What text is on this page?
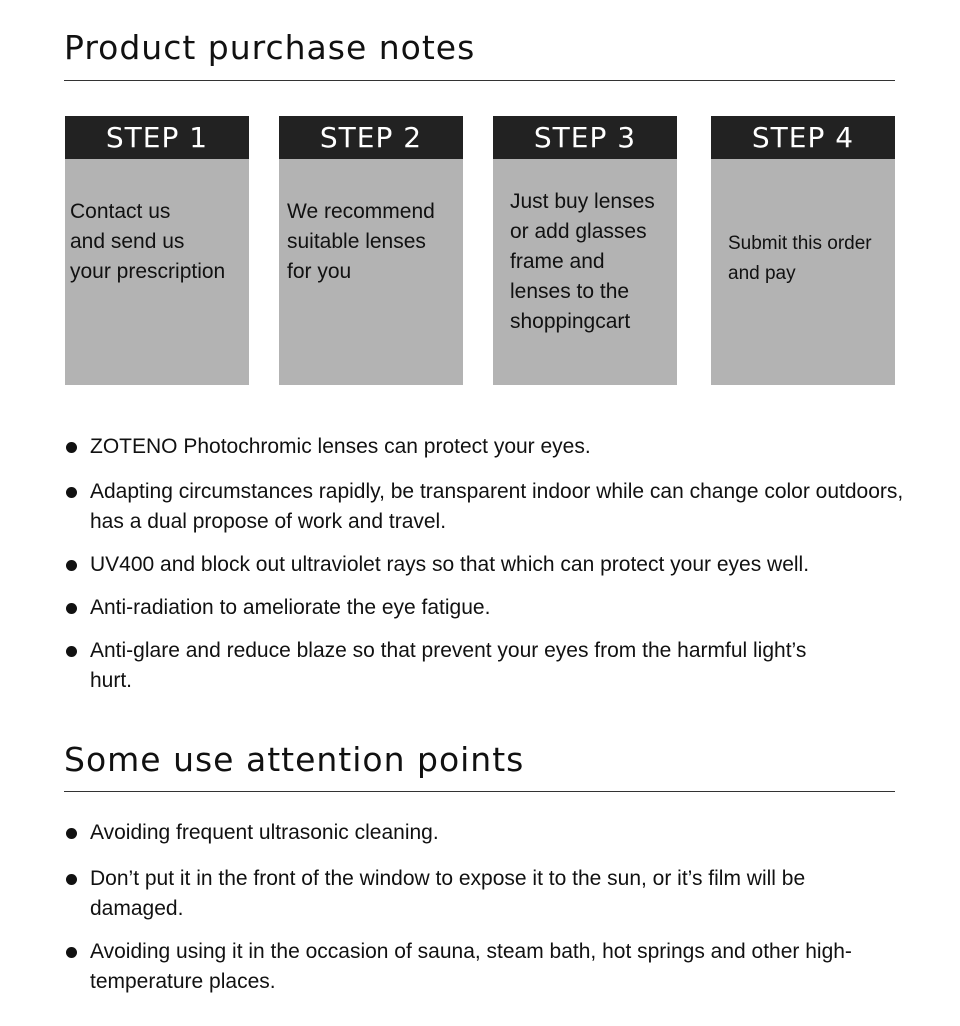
Product purchase notes
STEP 1
Contact us
and send us
your prescription
STEP 2
We recommend
suitable lenses
for you
STEP 3
Just buy lenses
or add glasses
frame and
lenses to the
shoppingcart
STEP 4
Submit this order
and pay
ZOTENO Photochromic lenses can protect your eyes.
Adapting circumstances rapidly, be transparent indoor while can change color outdoors, has a dual propose of work and travel.
UV400 and block out ultraviolet rays so that which can protect your eyes well.
Anti-radiation to ameliorate the eye fatigue.
Anti-glare and reduce blaze so that prevent your eyes from the harmful light’s hurt.
Some use attention points
Avoiding frequent ultrasonic cleaning.
Don’t put it in the front of the window to expose it to the sun, or it’s film will be damaged.
Avoiding using it in the occasion of sauna, steam bath, hot springs and other high-temperature places.
